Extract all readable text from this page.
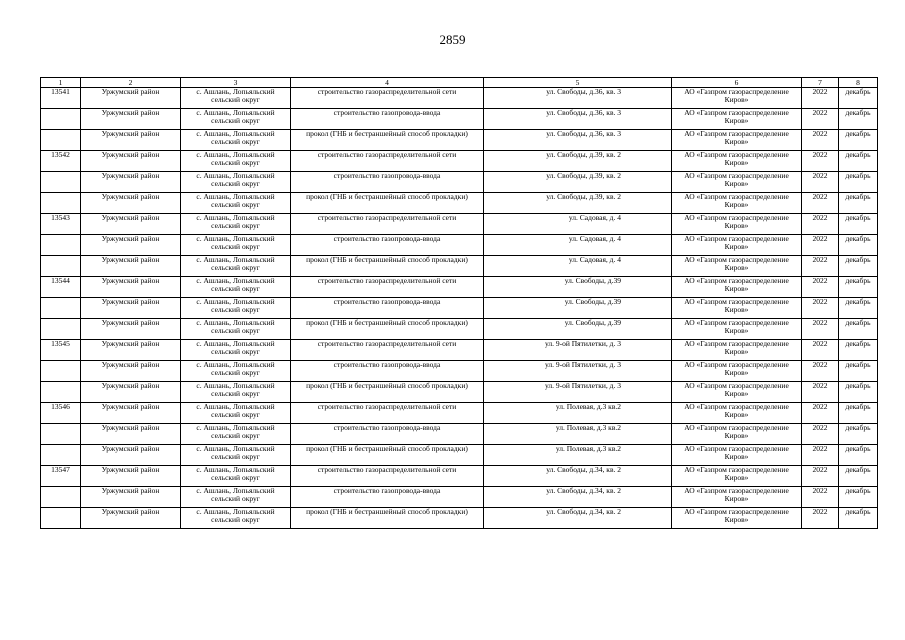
2859
1	2	3	4	5	6	7	8
13541	Уржумский район	с. Ашлань, Лопьяльский сельский округ	строительство газораспределительной сети	ул. Свободы, д.36, кв. 3	АО «Газпром газораспределение Киров»	2022	декабрь
	Уржумский район	с. Ашлань, Лопьяльский сельский округ	строительство газопровода-ввода	ул. Свободы, д.36, кв. 3	АО «Газпром газораспределение Киров»	2022	декабрь
	Уржумский район	с. Ашлань, Лопьяльский сельский округ	прокол (ГНБ и бестраншейный способ прокладки)	ул. Свободы, д.36, кв. 3	АО «Газпром газораспределение Киров»	2022	декабрь
13542	Уржумский район	с. Ашлань, Лопьяльский сельский округ	строительство газораспределительной сети	ул. Свободы, д.39, кв. 2	АО «Газпром газораспределение Киров»	2022	декабрь
	Уржумский район	с. Ашлань, Лопьяльский сельский округ	строительство газопровода-ввода	ул. Свободы, д.39, кв. 2	АО «Газпром газораспределение Киров»	2022	декабрь
	Уржумский район	с. Ашлань, Лопьяльский сельский округ	прокол (ГНБ и бестраншейный способ прокладки)	ул. Свободы, д.39, кв. 2	АО «Газпром газораспределение Киров»	2022	декабрь
13543	Уржумский район	с. Ашлань, Лопьяльский сельский округ	строительство газораспределительной сети	ул. Садовая, д. 4	АО «Газпром газораспределение Киров»	2022	декабрь
	Уржумский район	с. Ашлань, Лопьяльский сельский округ	строительство газопровода-ввода	ул. Садовая, д. 4	АО «Газпром газораспределение Киров»	2022	декабрь
	Уржумский район	с. Ашлань, Лопьяльский сельский округ	прокол (ГНБ и бестраншейный способ прокладки)	ул. Садовая, д. 4	АО «Газпром газораспределение Киров»	2022	декабрь
13544	Уржумский район	с. Ашлань, Лопьяльский сельский округ	строительство газораспределительной сети	ул. Свободы, д.39	АО «Газпром газораспределение Киров»	2022	декабрь
	Уржумский район	с. Ашлань, Лопьяльский сельский округ	строительство газопровода-ввода	ул. Свободы, д.39	АО «Газпром газораспределение Киров»	2022	декабрь
	Уржумский район	с. Ашлань, Лопьяльский сельский округ	прокол (ГНБ и бестраншейный способ прокладки)	ул. Свободы, д.39	АО «Газпром газораспределение Киров»	2022	декабрь
13545	Уржумский район	с. Ашлань, Лопьяльский сельский округ	строительство газораспределительной сети	ул. 9-ой Пятилетки, д. 3	АО «Газпром газораспределение Киров»	2022	декабрь
	Уржумский район	с. Ашлань, Лопьяльский сельский округ	строительство газопровода-ввода	ул. 9-ой Пятилетки, д. 3	АО «Газпром газораспределение Киров»	2022	декабрь
	Уржумский район	с. Ашлань, Лопьяльский сельский округ	прокол (ГНБ и бестраншейный способ прокладки)	ул. 9-ой Пятилетки, д. 3	АО «Газпром газораспределение Киров»	2022	декабрь
13546	Уржумский район	с. Ашлань, Лопьяльский сельский округ	строительство газораспределительной сети	ул. Полевая, д.3 кв.2	АО «Газпром газораспределение Киров»	2022	декабрь
	Уржумский район	с. Ашлань, Лопьяльский сельский округ	строительство газопровода-ввода	ул. Полевая, д.3 кв.2	АО «Газпром газораспределение Киров»	2022	декабрь
	Уржумский район	с. Ашлань, Лопьяльский сельский округ	прокол (ГНБ и бестраншейный способ прокладки)	ул. Полевая, д.3 кв.2	АО «Газпром газораспределение Киров»	2022	декабрь
13547	Уржумский район	с. Ашлань, Лопьяльский сельский округ	строительство газораспределительной сети	ул. Свободы, д.34, кв. 2	АО «Газпром газораспределение Киров»	2022	декабрь
	Уржумский район	с. Ашлань, Лопьяльский сельский округ	строительство газопровода-ввода	ул. Свободы, д.34, кв. 2	АО «Газпром газораспределение Киров»	2022	декабрь
	Уржумский район	с. Ашлань, Лопьяльский сельский округ	прокол (ГНБ и бестраншейный способ прокладки)	ул. Свободы, д.34, кв. 2	АО «Газпром газораспределение Киров»	2022	декабрь
